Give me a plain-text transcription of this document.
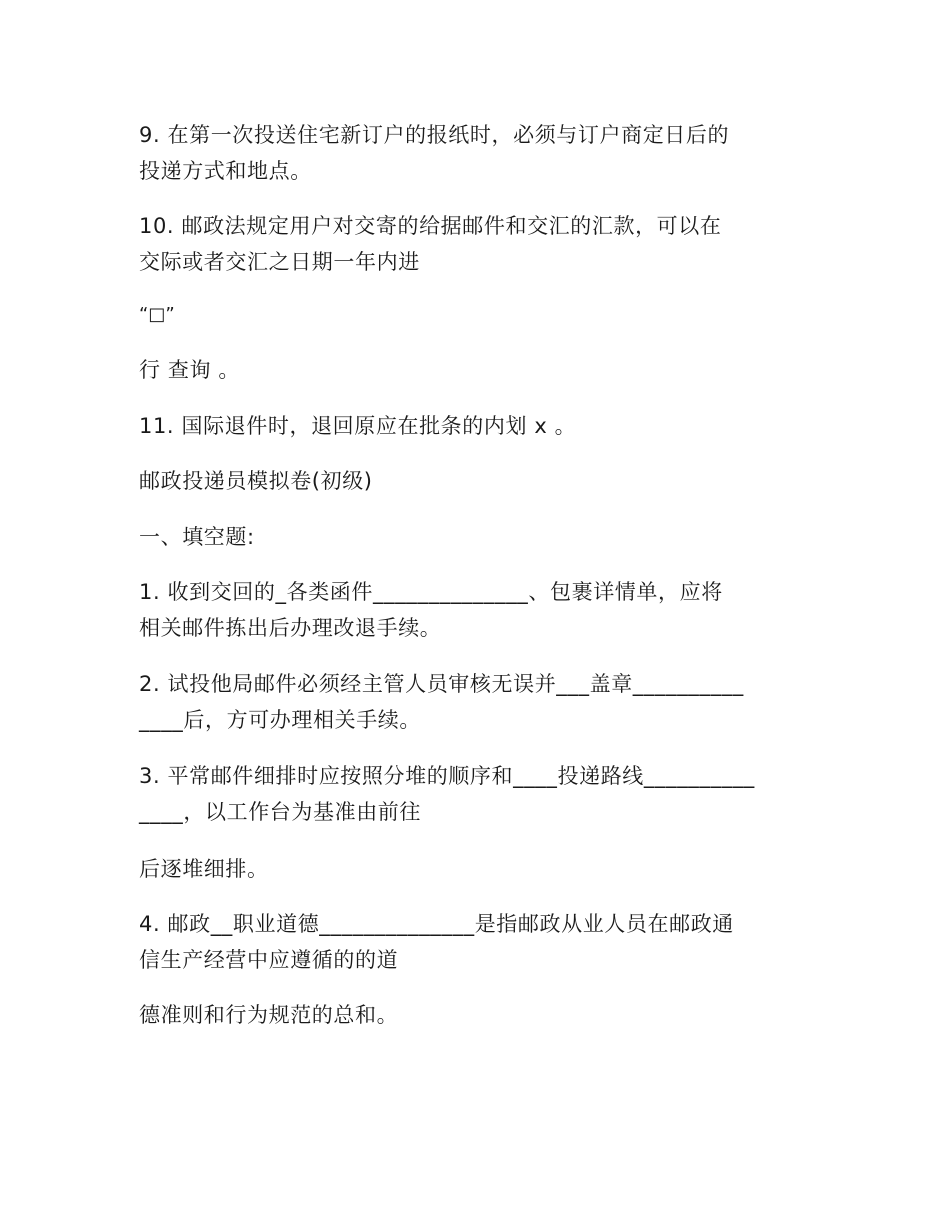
9. 在第一次投送住宅新订户的报纸时，必须与订户商定日后的
投递方式和地点。

10. 邮政法规定用户对交寄的给据邮件和交汇的汇款，可以在
交际或者交汇之日期一年内进

“□”

行 查询 。

11. 国际退件时，退回原应在批条的内划 x 。

邮政投递员模拟卷(初级)

一、填空题:

1. 收到交回的_各类函件______________、包裹详情单，应将
相关邮件拣出后办理改退手续。

2. 试投他局邮件必须经主管人员审核无误并___盖章__________
____后，方可办理相关手续。

3. 平常邮件细排时应按照分堆的顺序和____投递路线__________
____，以工作台为基准由前往

后逐堆细排。

4. 邮政__职业道德______________是指邮政从业人员在邮政通
信生产经营中应遵循的的道

德准则和行为规范的总和。
